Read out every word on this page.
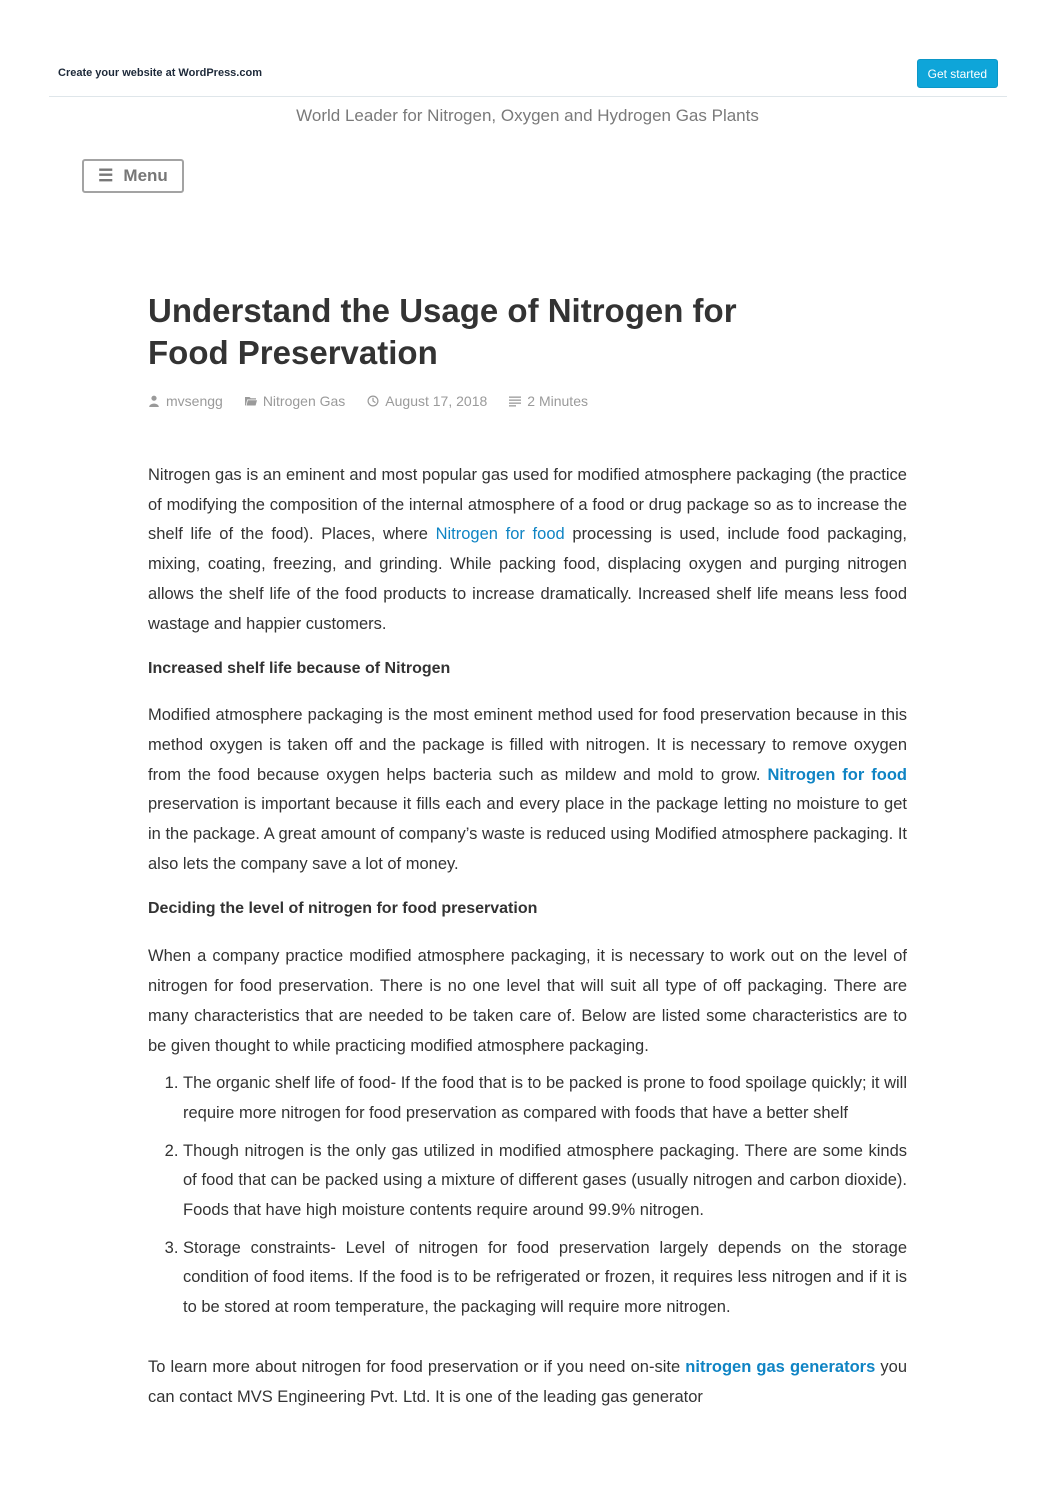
Create your website at WordPress.com	Get started
World Leader for Nitrogen, Oxygen and Hydrogen Gas Plants
☰ Menu
Understand the Usage of Nitrogen for Food Preservation
mvsengg	Nitrogen Gas	August 17, 2018	2 Minutes

Nitrogen gas is an eminent and most popular gas used for modified atmosphere packaging (the practice of modifying the composition of the internal atmosphere of a food or drug package so as to increase the shelf life of the food). Places, where Nitrogen for food processing is used, include food packaging, mixing, coating, freezing, and grinding. While packing food, displacing oxygen and purging nitrogen allows the shelf life of the food products to increase dramatically. Increased shelf life means less food wastage and happier customers.

Increased shelf life because of Nitrogen

Modified atmosphere packaging is the most eminent method used for food preservation because in this method oxygen is taken off and the package is filled with nitrogen. It is necessary to remove oxygen from the food because oxygen helps bacteria such as mildew and mold to grow. Nitrogen for food preservation is important because it fills each and every place in the package letting no moisture to get in the package. A great amount of company’s waste is reduced using Modified atmosphere packaging. It also lets the company save a lot of money.

Deciding the level of nitrogen for food preservation

When a company practice modified atmosphere packaging, it is necessary to work out on the level of nitrogen for food preservation. There is no one level that will suit all type of off packaging. There are many characteristics that are needed to be taken care of. Below are listed some characteristics are to be given thought to while practicing modified atmosphere packaging.

1. The organic shelf life of food- If the food that is to be packed is prone to food spoilage quickly; it will require more nitrogen for food preservation as compared with foods that have a better shelf
2. Though nitrogen is the only gas utilized in modified atmosphere packaging. There are some kinds of food that can be packed using a mixture of different gases (usually nitrogen and carbon dioxide). Foods that have high moisture contents require around 99.9% nitrogen.
3. Storage constraints- Level of nitrogen for food preservation largely depends on the storage condition of food items. If the food is to be refrigerated or frozen, it requires less nitrogen and if it is to be stored at room temperature, the packaging will require more nitrogen.

To learn more about nitrogen for food preservation or if you need on-site nitrogen gas generators you can contact MVS Engineering Pvt. Ltd. It is one of the leading gas generator
